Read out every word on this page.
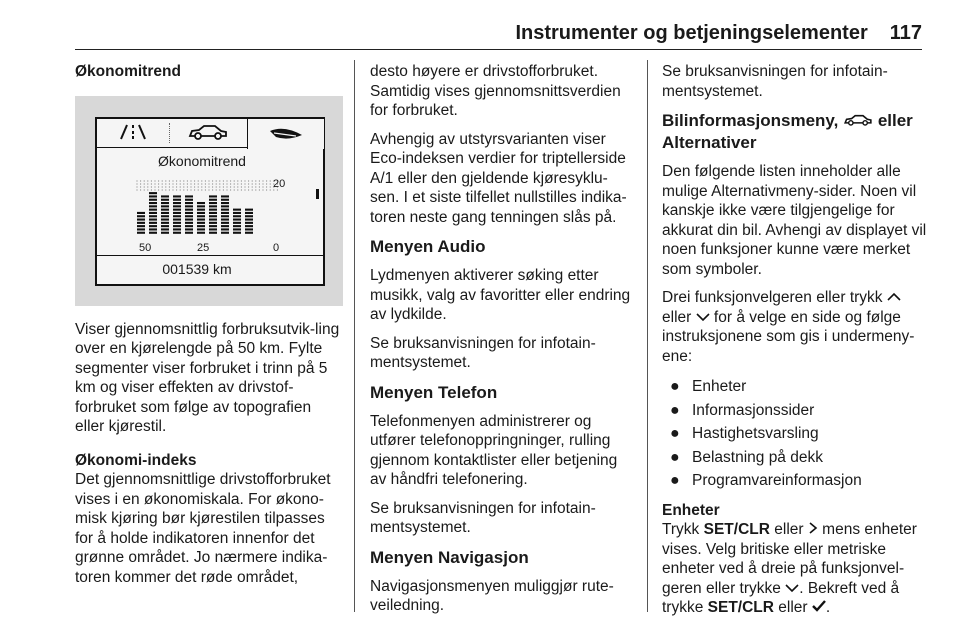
Instrumenter og betjeningselementer 117

Økonomitrend

Økonomitrend
20
50	25	0
001539 km

Viser gjennomsnittlig forbruksutvik-ling over en kjørelengde på 50 km. Fylte segmenter viser forbruket i trinn på 5 km og viser effekten av drivstof-forbruket som følge av topografien eller kjørestil.

Økonomi-indeks

Det gjennomsnittlige drivstofforbruket vises i en økonomiskala. For økono-misk kjøring bør kjørestilen tilpasses for å holde indikatoren innenfor det grønne området. Jo nærmere indika-toren kommer det røde området,

desto høyere er drivstofforbruket. Samtidig vises gjennomsnittsverdien for forbruket.

Avhengig av utstyrsvarianten viser Eco-indeksen verdier for triptellerside A/1 eller den gjeldende kjøresyklu-sen. I et siste tilfellet nullstilles indika-toren neste gang tenningen slås på.

Menyen Audio

Lydmenyen aktiverer søking etter musikk, valg av favoritter eller endring av lydkilde.

Se bruksanvisningen for infotain-mentsystemet.

Menyen Telefon

Telefonmenyen administrerer og utfører telefonoppringninger, rulling gjennom kontaktlister eller betjening av håndfri telefonering.

Se bruksanvisningen for infotain-mentsystemet.

Menyen Navigasjon

Navigasjonsmenyen muliggjør rute-veiledning.

Se bruksanvisningen for infotain-mentsystemet.

Bilinformasjonsmeny, eller
Alternativer

Den følgende listen inneholder alle mulige Alternativmeny-sider. Noen vil kanskje ikke være tilgjengelige for akkurat din bil. Avhengi av displayet vil noen funksjoner kunne være merket som symboler.

Drei funksjonvelgeren eller trykk
eller for å velge en side og følge instruksjonene som gis i undermeny-ene:

● Enheter
● Informasjonssider
● Hastighetsvarsling
● Belastning på dekk
● Programvareinformasjon

Enheter

Trykk SET/CLR eller mens enheter vises. Velg britiske eller metriske enheter ved å dreie på funksjonvel-geren eller trykke . Bekreft ved å trykke SET/CLR eller .
